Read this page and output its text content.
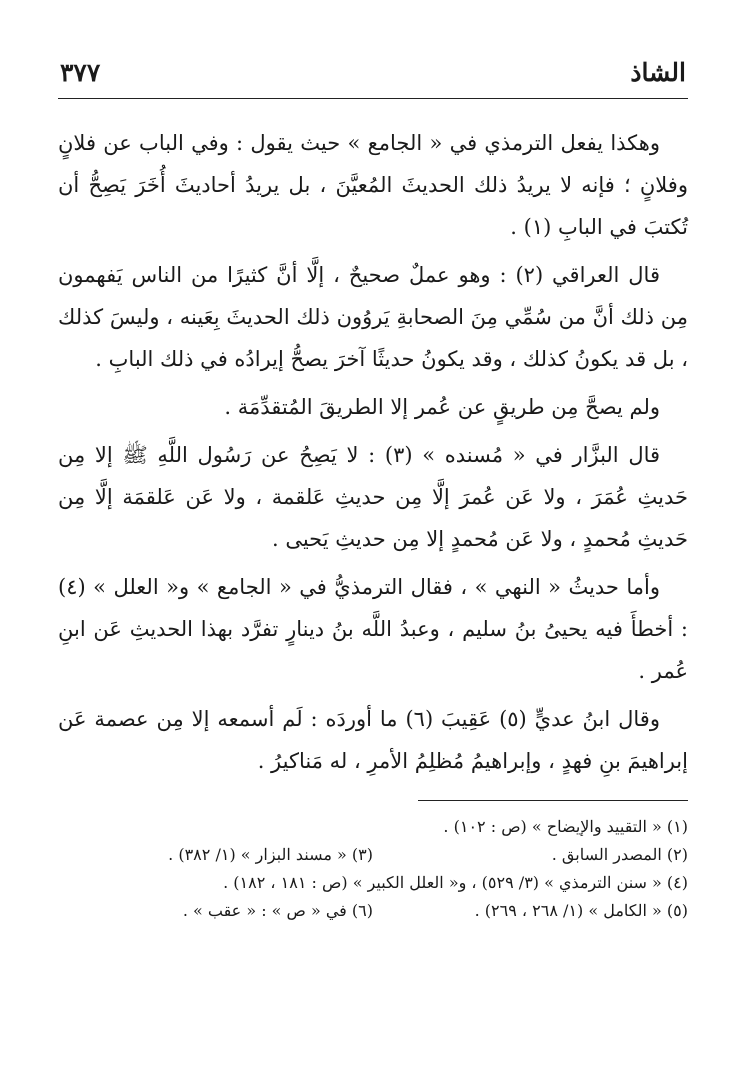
الشاذ
٣٧٧

وهكذا يفعل الترمذي في « الجامع » حيث يقول : وفي الباب عن فلانٍ وفلانٍ ؛ فإنه لا يريدُ ذلك الحديثَ المُعيَّنَ ، بل يريدُ أحاديثَ أُخَرَ يَصِحُّ أن تُكتبَ في البابِ (١) .

قال العراقي (٢) : وهو عملٌ صحيحٌ ، إلَّا أنَّ كثيرًا من الناس يَفهمون مِن ذلك أنَّ من سُمِّي مِنَ الصحابةِ يَروُون ذلك الحديثَ بِعَينه ، وليسَ كذلك ، بل قد يكونُ كذلك ، وقد يكونُ حديثًا آخرَ يصحُّ إيرادُه في ذلك البابِ .

ولم يصحَّ مِن طريقٍ عن عُمر إلا الطريقَ المُتقدِّمَة .

قال البزَّار في « مُسنده » (٣) : لا يَصِحُ عن رَسُول اللَّهِ ﷺ إلا مِن حَديثِ عُمَرَ ، ولا عَن عُمرَ إلَّا مِن حديثِ عَلقمة ، ولا عَن عَلقمَة إلَّا مِن حَديثِ مُحمدٍ ، ولا عَن مُحمدٍ إلا مِن حديثِ يَحيى .

وأما حديثُ « النهي » ، فقال الترمذيُّ في « الجامع » و« العلل » (٤) : أخطأَ فيه يحيىُ بنُ سليم ، وعبدُ اللَّه بنُ دينارٍ تفرَّد بهذا الحديثِ عَن ابنِ عُمر .

وقال ابنُ عديٍّ (٥) عَقِيبَ (٦) ما أوردَه : لَم أسمعه إلا مِن عصمة عَن إبراهيمَ بنِ فهدٍ ، وإبراهيمُ مُظلِمُ الأمرِ ، له مَناكيرُ .

(١) « التقييد والإيضاح » (ص : ١٠٢) .
(٢) المصدر السابق .
(٣) « مسند البزار » (١/ ٣٨٢) .
(٤) « سنن الترمذي » (٣/ ٥٢٩) ، و« العلل الكبير » (ص : ١٨١ ، ١٨٢) .
(٥) « الكامل » (١/ ٢٦٨ ، ٢٦٩) .
(٦) في « ص » : « عقب » .
